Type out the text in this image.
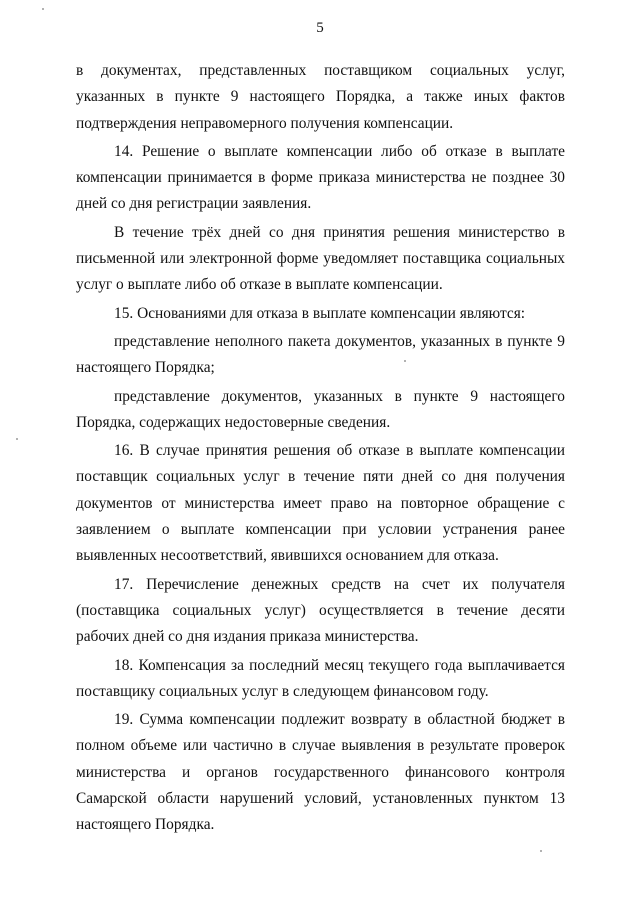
5

в документах, представленных поставщиком социальных услуг, указанных в пункте 9 настоящего Порядка, а также иных фактов подтверждения неправомерного получения компенсации.

14. Решение о выплате компенсации либо об отказе в выплате компенсации принимается в форме приказа министерства не позднее 30 дней со дня регистрации заявления.

В течение трёх дней со дня принятия решения министерство в письменной или электронной форме уведомляет поставщика социальных услуг о выплате либо об отказе в выплате компенсации.

15. Основаниями для отказа в выплате компенсации являются:

представление неполного пакета документов, указанных в пункте 9 настоящего Порядка;

представление документов, указанных в пункте 9 настоящего Порядка, содержащих недостоверные сведения.

16. В случае принятия решения об отказе в выплате компенсации поставщик социальных услуг в течение пяти дней со дня получения документов от министерства имеет право на повторное обращение с заявлением о выплате компенсации при условии устранения ранее выявленных несоответствий, явившихся основанием для отказа.

17. Перечисление денежных средств на счет их получателя (поставщика социальных услуг) осуществляется в течение десяти рабочих дней со дня издания приказа министерства.

18. Компенсация за последний месяц текущего года выплачивается поставщику социальных услуг в следующем финансовом году.

19. Сумма компенсации подлежит возврату в областной бюджет в полном объеме или частично в случае выявления в результате проверок министерства и органов государственного финансового контроля Самарской области нарушений условий, установленных пунктом 13 настоящего Порядка.
